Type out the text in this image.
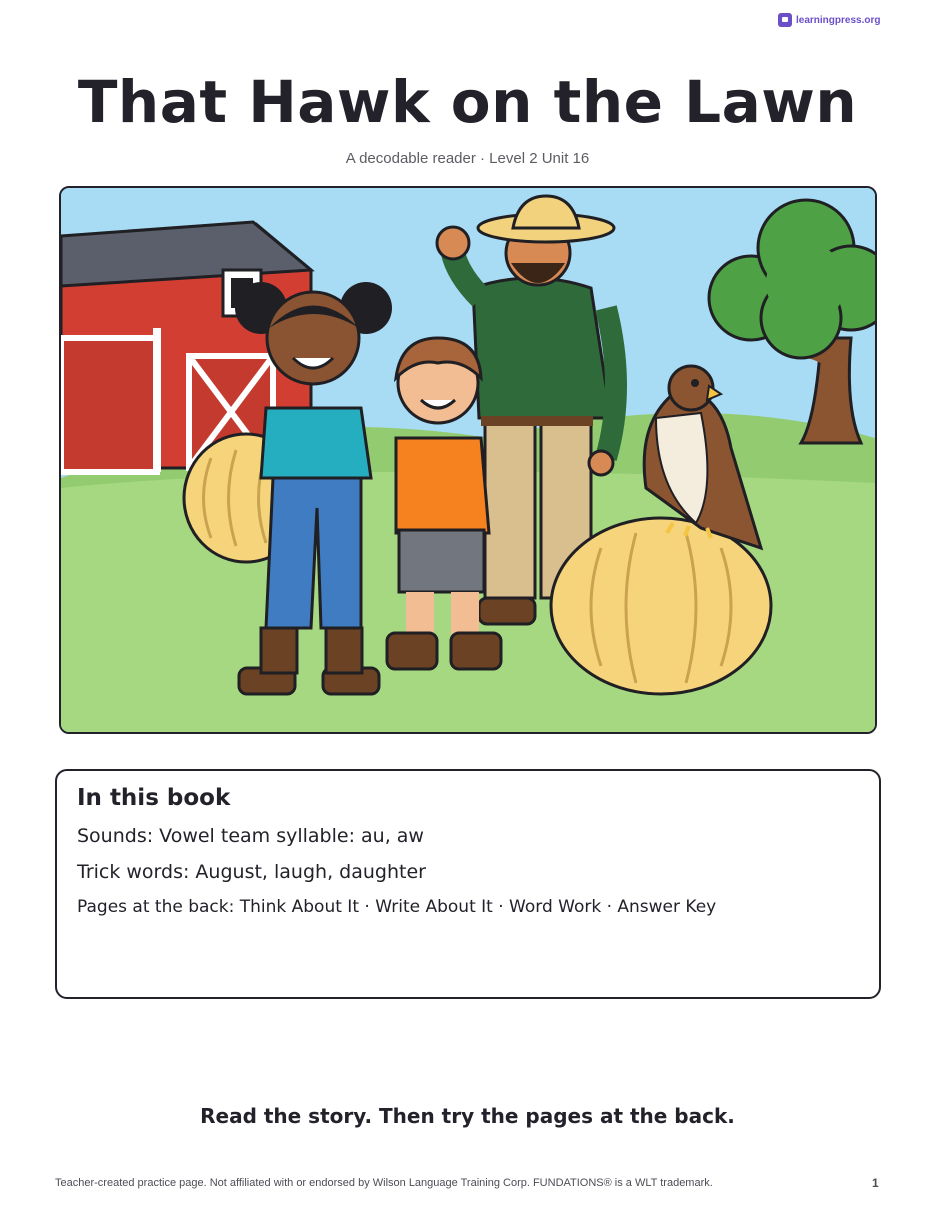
learningpress.org
That Hawk on the Lawn
A decodable reader · Level 2 Unit 16
In this book
Sounds: Vowel team syllable: au, aw
Trick words: August, laugh, daughter
Pages at the back: Think About It · Write About It · Word Work · Answer Key
Read the story. Then try the pages at the back.
Teacher-created practice page. Not affiliated with or endorsed by Wilson Language Training Corp. FUNDATIONS® is a WLT trademark.	1
